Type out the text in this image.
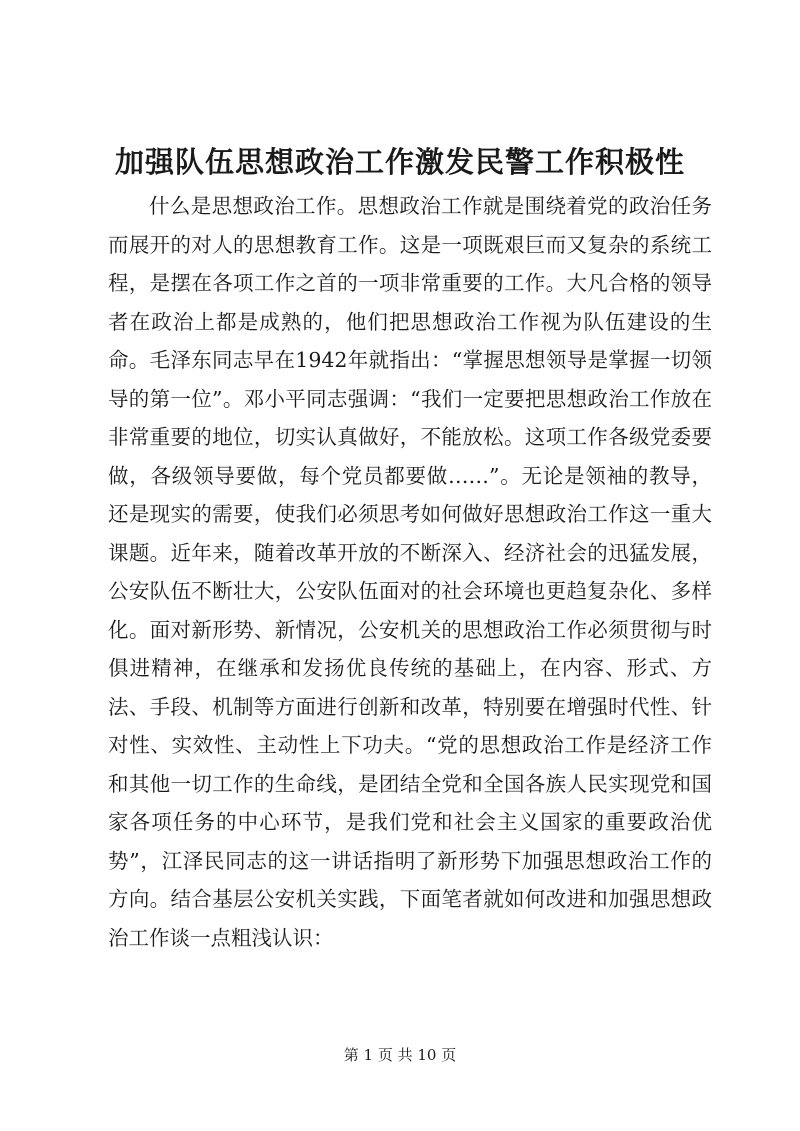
加强队伍思想政治工作激发民警工作积极性

什么是思想政治工作。思想政治工作就是围绕着党的政治任务而展开的对人的思想教育工作。这是一项既艰巨而又复杂的系统工程，是摆在各项工作之首的一项非常重要的工作。大凡合格的领导者在政治上都是成熟的，他们把思想政治工作视为队伍建设的生命。毛泽东同志早在1942年就指出：“掌握思想领导是掌握一切领导的第一位”。邓小平同志强调：“我们一定要把思想政治工作放在非常重要的地位，切实认真做好，不能放松。这项工作各级党委要做，各级领导要做，每个党员都要做……”。无论是领袖的教导，还是现实的需要，使我们必须思考如何做好思想政治工作这一重大课题。近年来，随着改革开放的不断深入、经济社会的迅猛发展，公安队伍不断壮大，公安队伍面对的社会环境也更趋复杂化、多样化。面对新形势、新情况，公安机关的思想政治工作必须贯彻与时俱进精神，在继承和发扬优良传统的基础上，在内容、形式、方法、手段、机制等方面进行创新和改革，特别要在增强时代性、针对性、实效性、主动性上下功夫。“党的思想政治工作是经济工作和其他一切工作的生命线，是团结全党和全国各族人民实现党和国家各项任务的中心环节，是我们党和社会主义国家的重要政治优势”，江泽民同志的这一讲话指明了新形势下加强思想政治工作的方向。结合基层公安机关实践，下面笔者就如何改进和加强思想政治工作谈一点粗浅认识：

第 1 页 共 10 页
